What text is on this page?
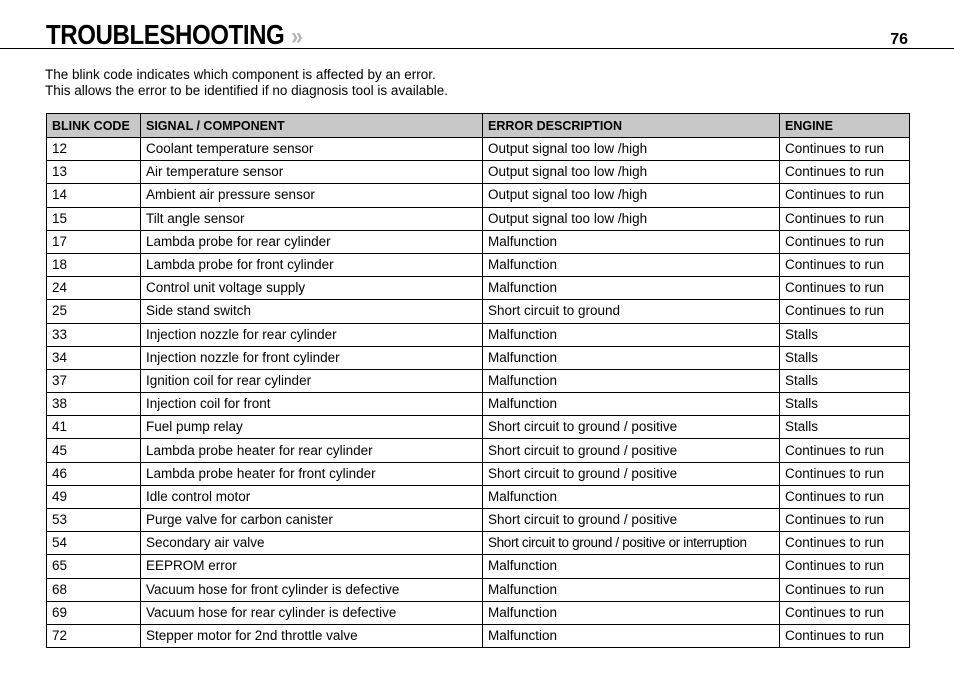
TROUBLESHOOTING »	76

The blink code indicates which component is affected by an error.

This allows the error to be identified if no diagnosis tool is available.

BLINK CODE	SIGNAL / COMPONENT	ERROR DESCRIPTION	ENGINE
12	Coolant temperature sensor	Output signal too low /high	Continues to run
13	Air temperature sensor	Output signal too low /high	Continues to run
14	Ambient air pressure sensor	Output signal too low /high	Continues to run
15	Tilt angle sensor	Output signal too low /high	Continues to run
17	Lambda probe for rear cylinder	Malfunction	Continues to run
18	Lambda probe for front cylinder	Malfunction	Continues to run
24	Control unit voltage supply	Malfunction	Continues to run
25	Side stand switch	Short circuit to ground	Continues to run
33	Injection nozzle for rear cylinder	Malfunction	Stalls
34	Injection nozzle for front cylinder	Malfunction	Stalls
37	Ignition coil for rear cylinder	Malfunction	Stalls
38	Injection coil for front	Malfunction	Stalls
41	Fuel pump relay	Short circuit to ground / positive	Stalls
45	Lambda probe heater for rear cylinder	Short circuit to ground / positive	Continues to run
46	Lambda probe heater for front cylinder	Short circuit to ground / positive	Continues to run
49	Idle control motor	Malfunction	Continues to run
53	Purge valve for carbon canister	Short circuit to ground / positive	Continues to run
54	Secondary air valve	Short circuit to ground / positive or interruption	Continues to run
65	EEPROM error	Malfunction	Continues to run
68	Vacuum hose for front cylinder is defective	Malfunction	Continues to run
69	Vacuum hose for rear cylinder is defective	Malfunction	Continues to run
72	Stepper motor for 2nd throttle valve	Malfunction	Continues to run
